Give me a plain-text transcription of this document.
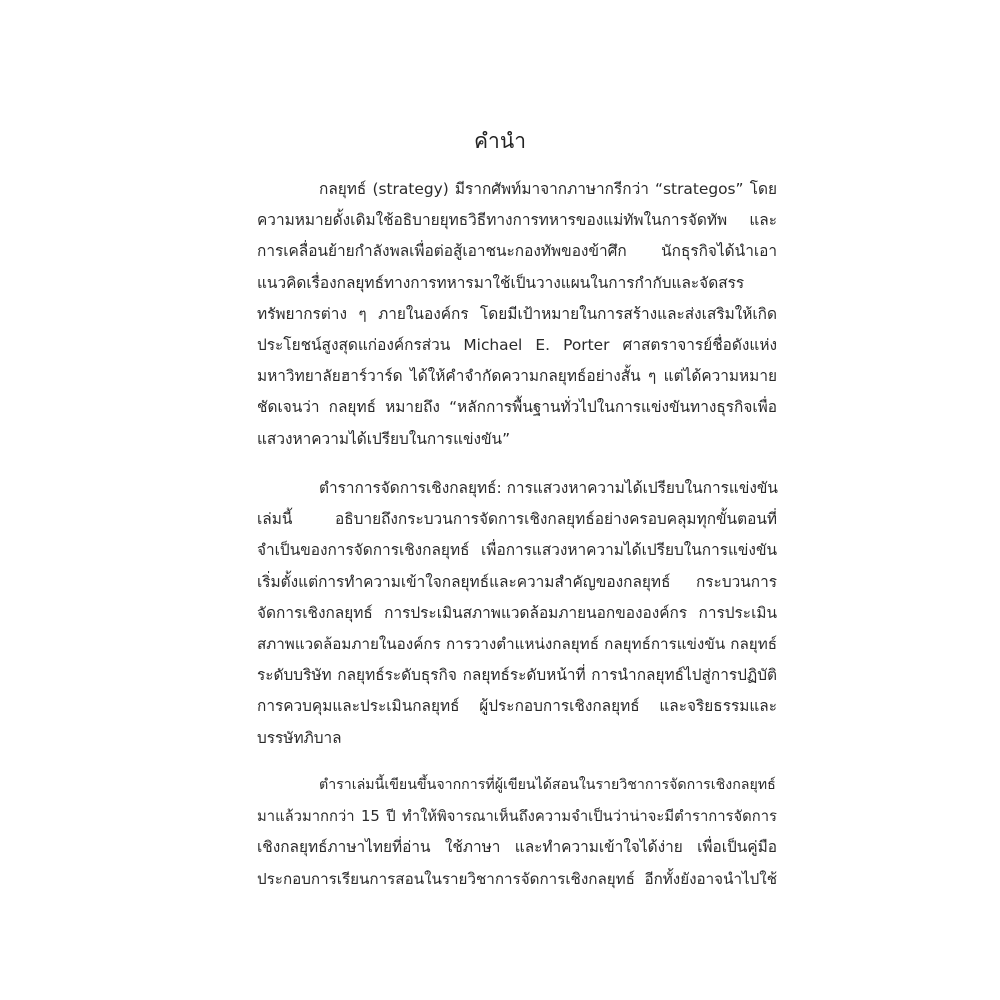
คำนำ
กลยุทธ์ (strategy) มีรากศัพท์มาจากภาษากรีกว่า “strategos” โดย
ความหมายดั้งเดิมใช้อธิบายยุทธวิธีทางการทหารของแม่ทัพในการจัดทัพ และ
การเคลื่อนย้ายกำลังพลเพื่อต่อสู้เอาชนะกองทัพของข้าศึก นักธุรกิจได้นำเอา
แนวคิดเรื่องกลยุทธ์ทางการทหารมาใช้เป็นวางแผนในการกำกับและจัดสรร
ทรัพยากรต่าง ๆ ภายในองค์กร โดยมีเป้าหมายในการสร้างและส่งเสริมให้เกิด
ประโยชน์สูงสุดแก่องค์กรส่วน Michael E. Porter ศาสตราจารย์ชื่อดังแห่ง
มหาวิทยาลัยฮาร์วาร์ด ได้ให้คำจำกัดความกลยุทธ์อย่างสั้น ๆ แต่ได้ความหมาย
ชัดเจนว่า กลยุทธ์ หมายถึง “หลักการพื้นฐานทั่วไปในการแข่งขันทางธุรกิจเพื่อ
แสวงหาความได้เปรียบในการแข่งขัน”
ตำราการจัดการเชิงกลยุทธ์: การแสวงหาความได้เปรียบในการแข่งขัน
เล่มนี้ อธิบายถึงกระบวนการจัดการเชิงกลยุทธ์อย่างครอบคลุมทุกขั้นตอนที่
จำเป็นของการจัดการเชิงกลยุทธ์ เพื่อการแสวงหาความได้เปรียบในการแข่งขัน
เริ่มตั้งแต่การทำความเข้าใจกลยุทธ์และความสำคัญของกลยุทธ์ กระบวนการ
จัดการเชิงกลยุทธ์ การประเมินสภาพแวดล้อมภายนอกขององค์กร การประเมิน
สภาพแวดล้อมภายในองค์กร การวางตำแหน่งกลยุทธ์ กลยุทธ์การแข่งขัน กลยุทธ์
ระดับบริษัท กลยุทธ์ระดับธุรกิจ กลยุทธ์ระดับหน้าที่ การนำกลยุทธ์ไปสู่การปฏิบัติ
การควบคุมและประเมินกลยุทธ์ ผู้ประกอบการเชิงกลยุทธ์ และจริยธรรมและ
บรรษัทภิบาล
ตำราเล่มนี้เขียนขึ้นจากการที่ผู้เขียนได้สอนในรายวิชาการจัดการเชิงกลยุทธ์
มาแล้วมากกว่า 15 ปี ทำให้พิจารณาเห็นถึงความจำเป็นว่าน่าจะมีตำราการจัดการ
เชิงกลยุทธ์ภาษาไทยที่อ่าน ใช้ภาษา และทำความเข้าใจได้ง่าย เพื่อเป็นคู่มือ
ประกอบการเรียนการสอนในรายวิชาการจัดการเชิงกลยุทธ์ อีกทั้งยังอาจนำไปใช้
